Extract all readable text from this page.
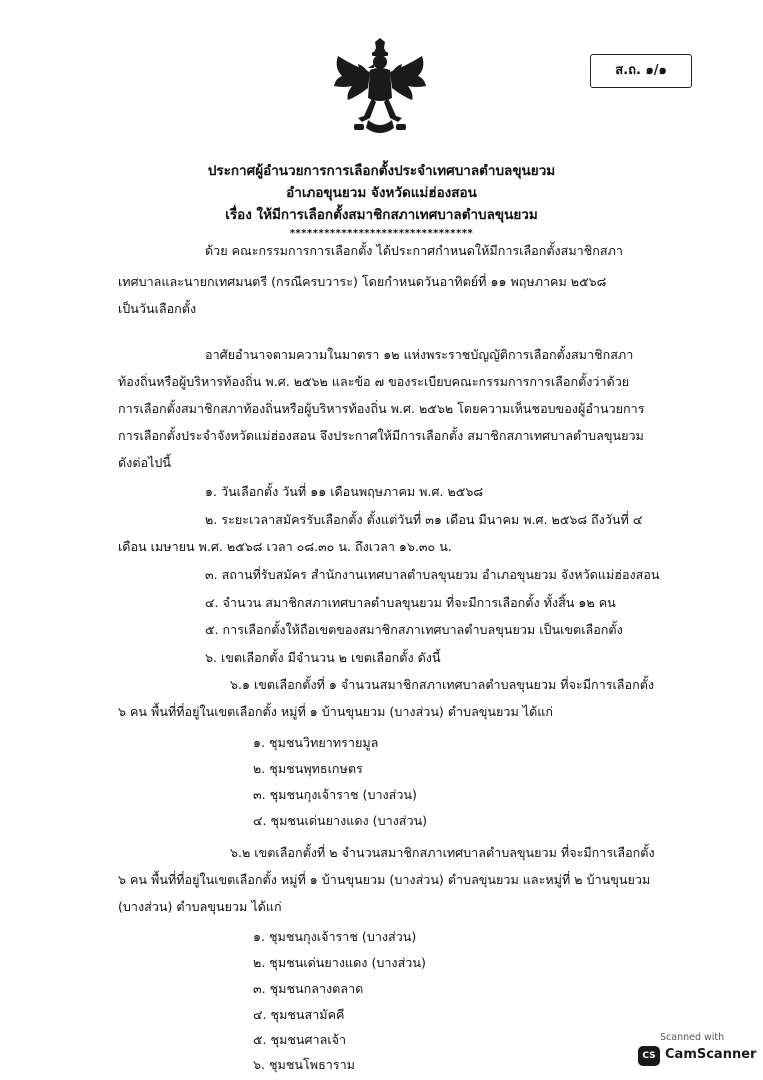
ส.ถ. ๑/๑
ประกาศผู้อำนวยการการเลือกตั้งประจำเทศบาลตำบลขุนยวม
อำเภอขุนยวม จังหวัดแม่ฮ่องสอน
เรื่อง ให้มีการเลือกตั้งสมาชิกสภาเทศบาลตำบลขุนยวม
********************************
ด้วย คณะกรรมการการเลือกตั้ง ได้ประกาศกำหนดให้มีการเลือกตั้งสมาชิกสภา
เทศบาลและนายกเทศมนตรี (กรณีครบวาระ) โดยกำหนดวันอาทิตย์ที่ ๑๑ พฤษภาคม ๒๕๖๘
เป็นวันเลือกตั้ง
อาศัยอำนาจตามความในมาตรา ๑๒ แห่งพระราชบัญญัติการเลือกตั้งสมาชิกสภา
ท้องถิ่นหรือผู้บริหารท้องถิ่น พ.ศ. ๒๕๖๒ และข้อ ๗ ของระเบียบคณะกรรมการการเลือกตั้งว่าด้วย
การเลือกตั้งสมาชิกสภาท้องถิ่นหรือผู้บริหารท้องถิ่น พ.ศ. ๒๕๖๒ โดยความเห็นชอบของผู้อำนวยการ
การเลือกตั้งประจำจังหวัดแม่ฮ่องสอน จึงประกาศให้มีการเลือกตั้ง สมาชิกสภาเทศบาลตำบลขุนยวม
ดังต่อไปนี้
๑. วันเลือกตั้ง วันที่ ๑๑ เดือนพฤษภาคม พ.ศ. ๒๕๖๘
๒. ระยะเวลาสมัครรับเลือกตั้ง ตั้งแต่วันที่ ๓๑ เดือน มีนาคม พ.ศ. ๒๕๖๘ ถึงวันที่ ๔
เดือน เมษายน พ.ศ. ๒๕๖๘ เวลา ๐๘.๓๐ น. ถึงเวลา ๑๖.๓๐ น.
๓. สถานที่รับสมัคร สำนักงานเทศบาลตำบลขุนยวม อำเภอขุนยวม จังหวัดแม่ฮ่องสอน
๔. จำนวน สมาชิกสภาเทศบาลตำบลขุนยวม ที่จะมีการเลือกตั้ง ทั้งสิ้น ๑๒ คน
๕. การเลือกตั้งให้ถือเขตของสมาชิกสภาเทศบาลตำบลขุนยวม เป็นเขตเลือกตั้ง
๖. เขตเลือกตั้ง มีจำนวน ๒ เขตเลือกตั้ง ดังนี้
๖.๑ เขตเลือกตั้งที่ ๑ จำนวนสมาชิกสภาเทศบาลตำบลขุนยวม ที่จะมีการเลือกตั้ง
๖ คน พื้นที่ที่อยู่ในเขตเลือกตั้ง หมู่ที่ ๑ บ้านขุนยวม (บางส่วน) ตำบลขุนยวม ได้แก่
๑. ชุมชนวิทยาทรายมูล
๒. ชุมชนพุทธเกษตร
๓. ชุมชนกุงเจ้าราช (บางส่วน)
๔. ชุมชนเด่นยางแดง (บางส่วน)
๖.๒ เขตเลือกตั้งที่ ๒ จำนวนสมาชิกสภาเทศบาลตำบลขุนยวม ที่จะมีการเลือกตั้ง
๖ คน พื้นที่ที่อยู่ในเขตเลือกตั้ง หมู่ที่ ๑ บ้านขุนยวม (บางส่วน) ตำบลขุนยวม และหมู่ที่ ๒ บ้านขุนยวม
(บางส่วน) ตำบลขุนยวม ได้แก่
๑. ชุมชนกุงเจ้าราช (บางส่วน)
๒. ชุมชนเด่นยางแดง (บางส่วน)
๓. ชุมชนกลางตลาด
๔. ชุมชนสามัคคี
๕. ชุมชนศาลเจ้า
๖. ชุมชนโพธาราม
Scanned with
CS CamScanner
